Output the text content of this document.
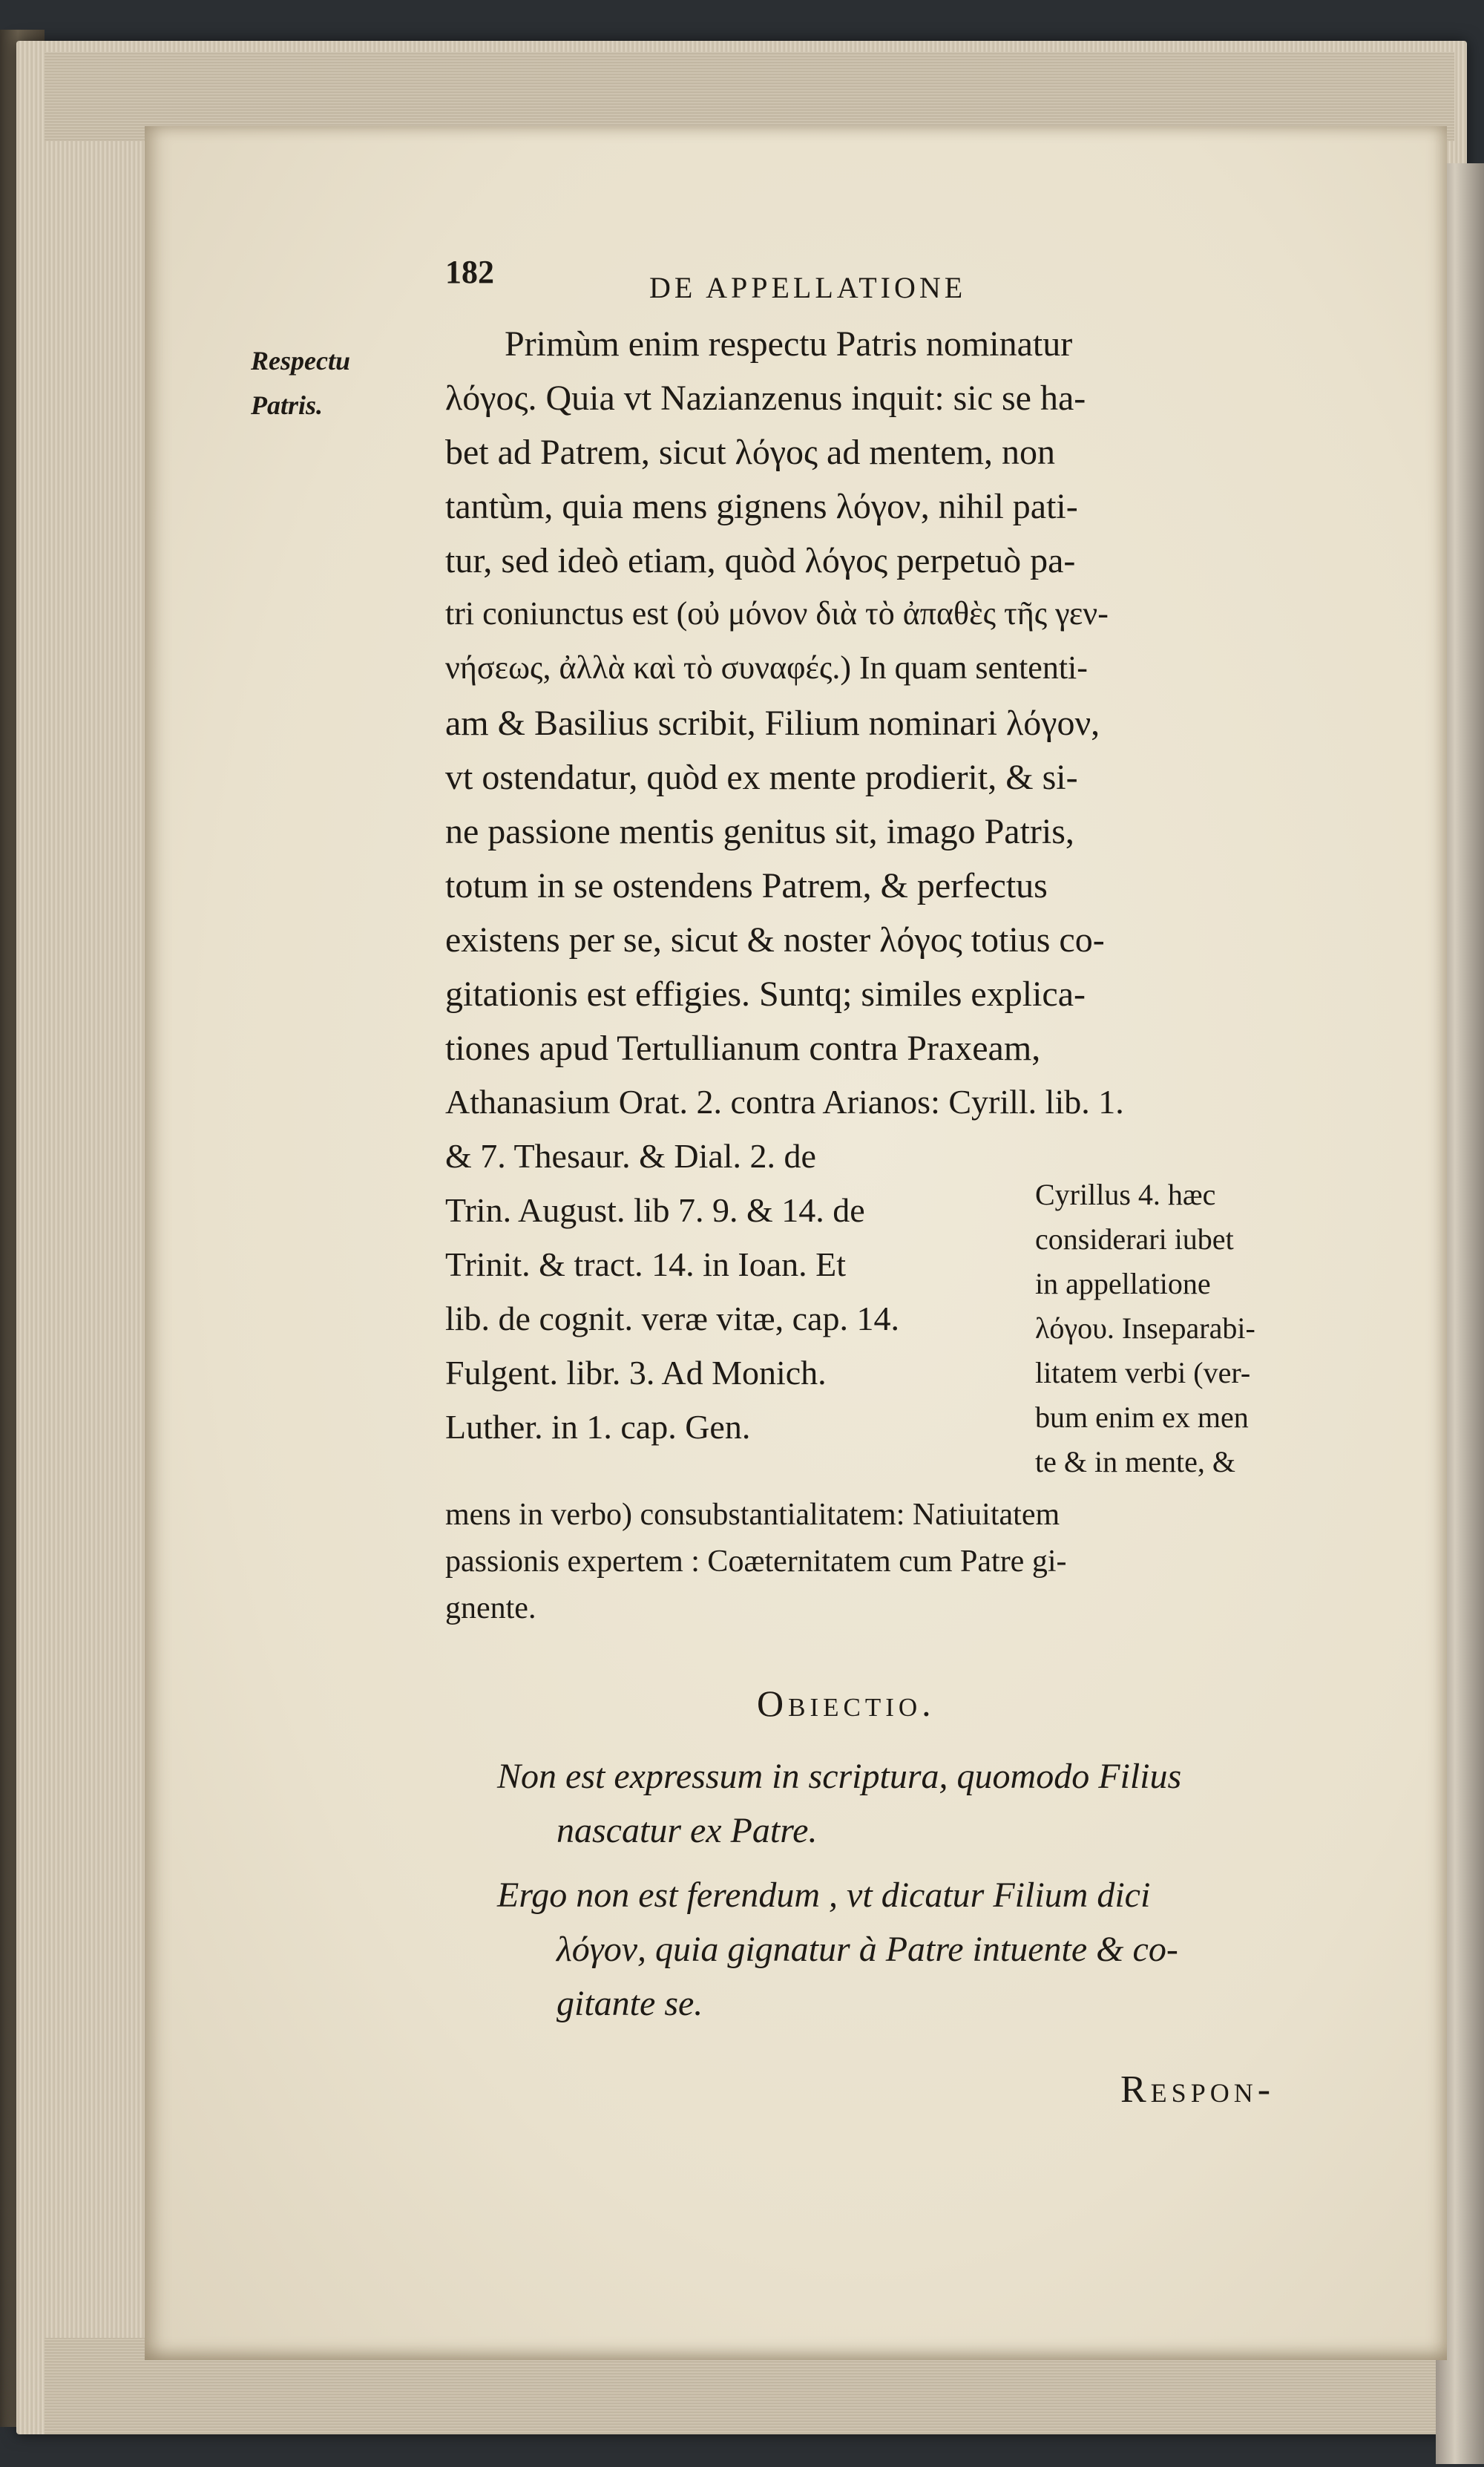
182	DE APPELLATIONE
Respectu
Patris.
Primùm enim respectu Patris nominatur
λόγος. Quia vt Nazianzenus inquit: sic se ha-
bet ad Patrem, sicut λόγος ad mentem, non
tantùm, quia mens gignens λόγον, nihil pati-
tur, sed ideò etiam, quòd λόγος perpetuò pa-
tri coniunctus est (οὐ μόνον διὰ τὸ ἀπαθὲς τῆς γεν-
νήσεως, ἀλλὰ καὶ τὸ συναφές.) In quam sententi-
am & Basilius scribit, Filium nominari λόγον,
vt ostendatur, quòd ex mente prodierit, & si-
ne passione mentis genitus sit, imago Patris,
totum in se ostendens Patrem, & perfectus
existens per se, sicut & noster λόγος totius co-
gitationis est effigies. Suntq; similes explica-
tiones apud Tertullianum contra Praxeam,
Athanasium Orat. 2. contra Arianos: Cyrill. lib. 1.
& 7. Thesaur. & Dial. 2. de
Trin. August. lib 7. 9. & 14. de
Trinit. & tract. 14. in Ioan. Et
lib. de cognit. veræ vitæ, cap. 14.
Fulgent. libr. 3. Ad Monich.
Luther. in 1. cap. Gen.
Cyrillus 4. hæc
considerari iubet
in appellatione
λόγου. Inseparabi-
litatem verbi (ver-
bum enim ex men
te & in mente, &
mens in verbo) consubstantialitatem: Natiuitatem
passionis expertem : Coæternitatem cum Patre gi-
gnente.
Obiectio.
Non est expressum in scriptura, quomodo Filius
nascatur ex Patre.
Ergo non est ferendum , vt dicatur Filium dici
λόγον, quia gignatur à Patre intuente & co-
gitante se.
Respon-
